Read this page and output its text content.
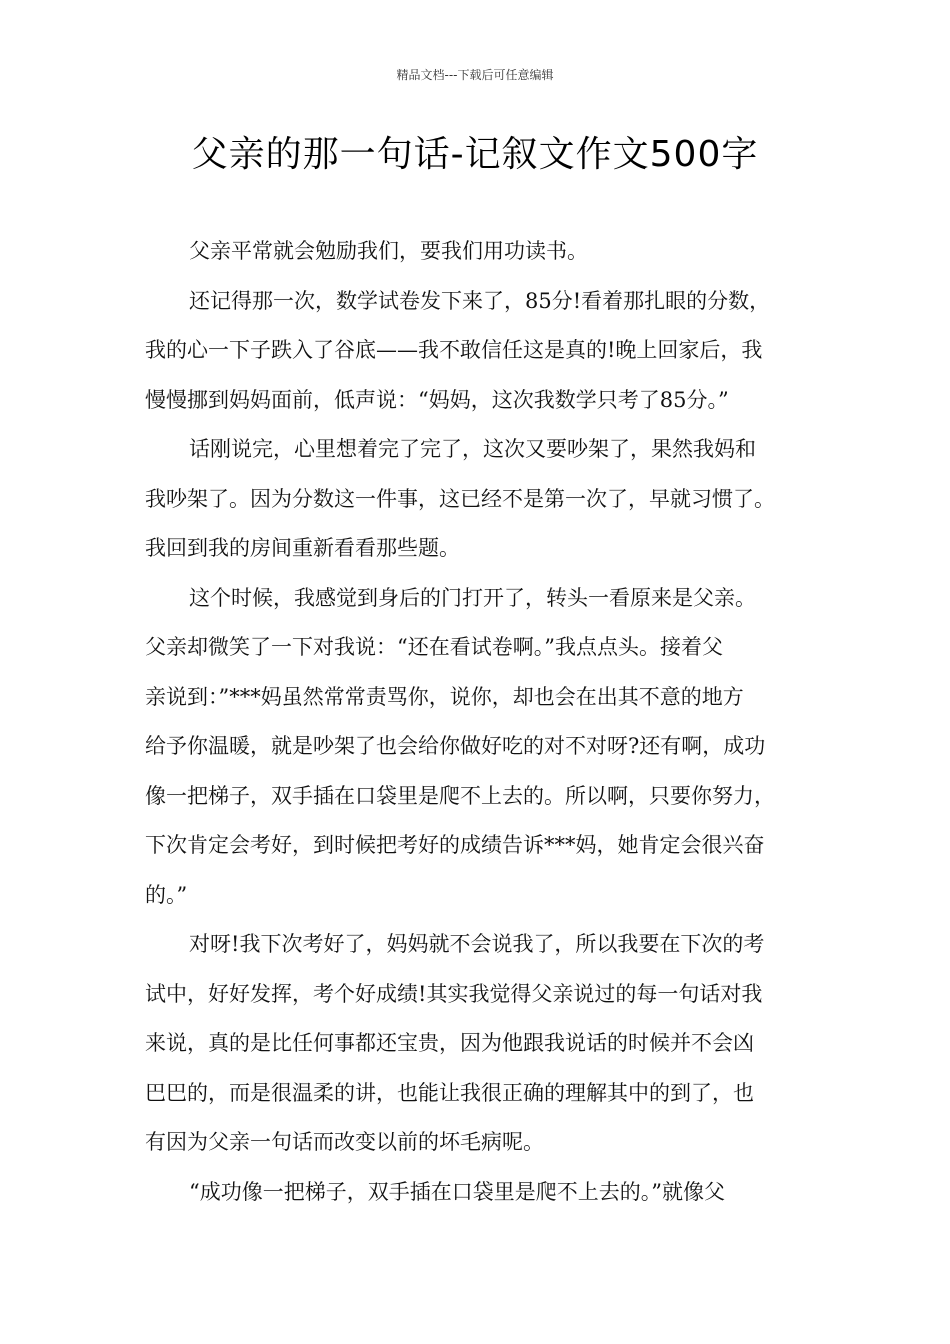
精品文档---下载后可任意编辑
父亲的那一句话-记叙文作文500字
父亲平常就会勉励我们，要我们用功读书。
还记得那一次，数学试卷发下来了，85分!看着那扎眼的分数，
我的心一下子跌入了谷底——我不敢信任这是真的!晚上回家后，我
慢慢挪到妈妈面前，低声说：“妈妈，这次我数学只考了85分。”
话刚说完，心里想着完了完了，这次又要吵架了，果然我妈和
我吵架了。因为分数这一件事，这已经不是第一次了，早就习惯了。
我回到我的房间重新看看那些题。
这个时候，我感觉到身后的门打开了，转头一看原来是父亲。
父亲却微笑了一下对我说：“还在看试卷啊。”我点点头。接着父
亲说到：”***妈虽然常常责骂你，说你，却也会在出其不意的地方
给予你温暖，就是吵架了也会给你做好吃的对不对呀?还有啊，成功
像一把梯子，双手插在口袋里是爬不上去的。所以啊，只要你努力，
下次肯定会考好，到时候把考好的成绩告诉***妈，她肯定会很兴奋
的。”
对呀!我下次考好了，妈妈就不会说我了，所以我要在下次的考
试中，好好发挥，考个好成绩!其实我觉得父亲说过的每一句话对我
来说，真的是比任何事都还宝贵，因为他跟我说话的时候并不会凶
巴巴的，而是很温柔的讲，也能让我很正确的理解其中的到了，也
有因为父亲一句话而改变以前的坏毛病呢。
“成功像一把梯子，双手插在口袋里是爬不上去的。”就像父
